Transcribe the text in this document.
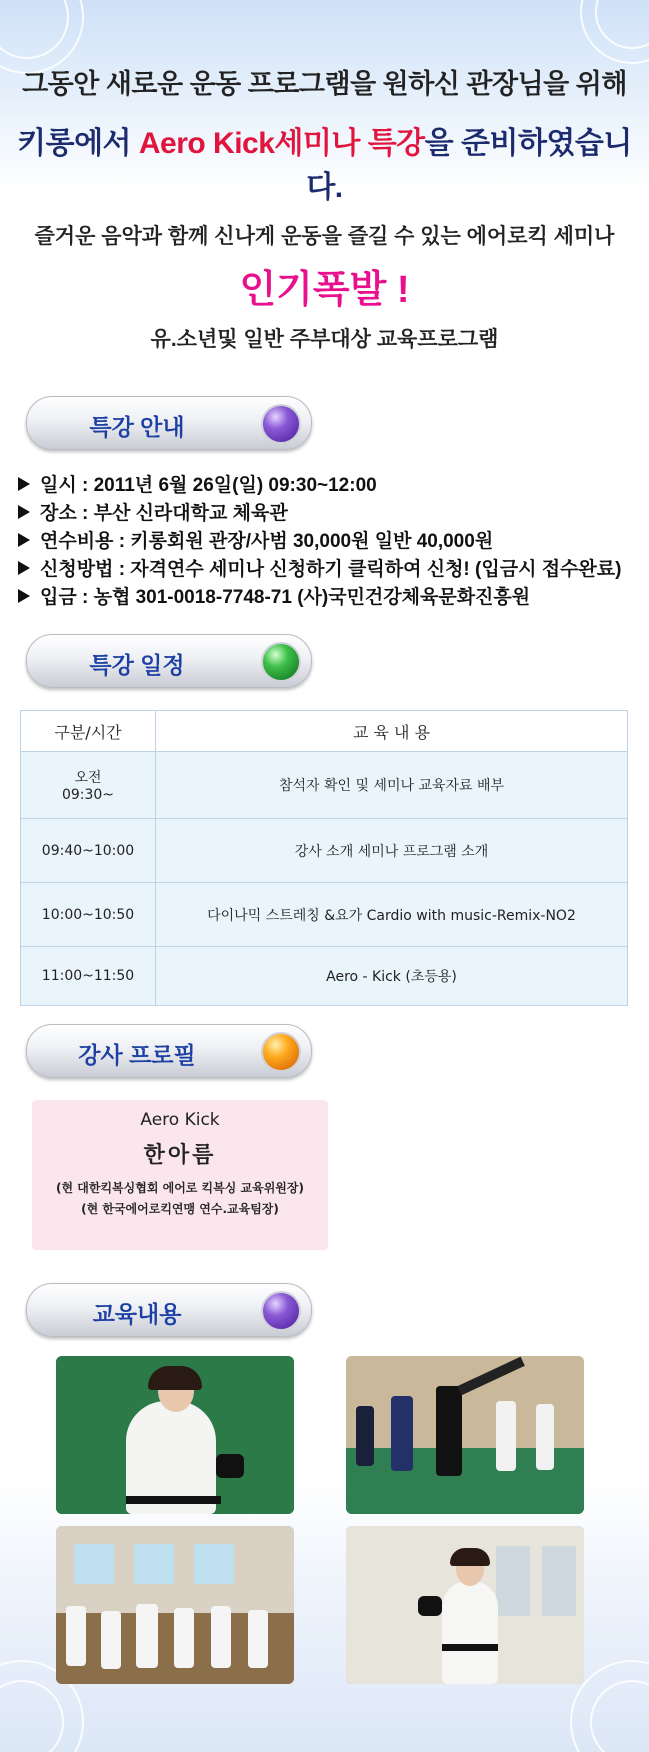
그동안 새로운 운동 프로그램을 원하신 관장님을 위해
키롱에서 Aero Kick세미나 특강을 준비하였습니다.
즐거운 음악과 함께 신나게 운동을 즐길 수 있는 에어로킥 세미나
인기폭발 !
유.소년및 일반 주부대상 교육프로그램
특강 안내
일시 : 2011년 6월 26일(일) 09:30~12:00
장소 : 부산 신라대학교 체육관
연수비용 : 키롱회원 관장/사범 30,000원 일반 40,000원
신청방법 : 자격연수 세미나 신청하기 클릭하여 신청! (입금시 접수완료)
입금 : 농협 301-0018-7748-71 (사)국민건강체육문화진흥원
특강 일정
구분/시간	교 육 내 용

오전
09:30~	참석자 확인 및 세미나 교육자료 배부
09:40~10:00	강사 소개 세미나 프로그램 소개
10:00~10:50	다이나믹 스트레칭 &요가 Cardio with music-Remix-NO2
11:00~11:50	Aero - Kick (초등용)
강사 프로필
Aero Kick
한아름
(현 대한킥복싱협회 에어로 킥복싱 교육위원장)
(현 한국에어로킥연맹 연수.교육팀장)
교육내용
